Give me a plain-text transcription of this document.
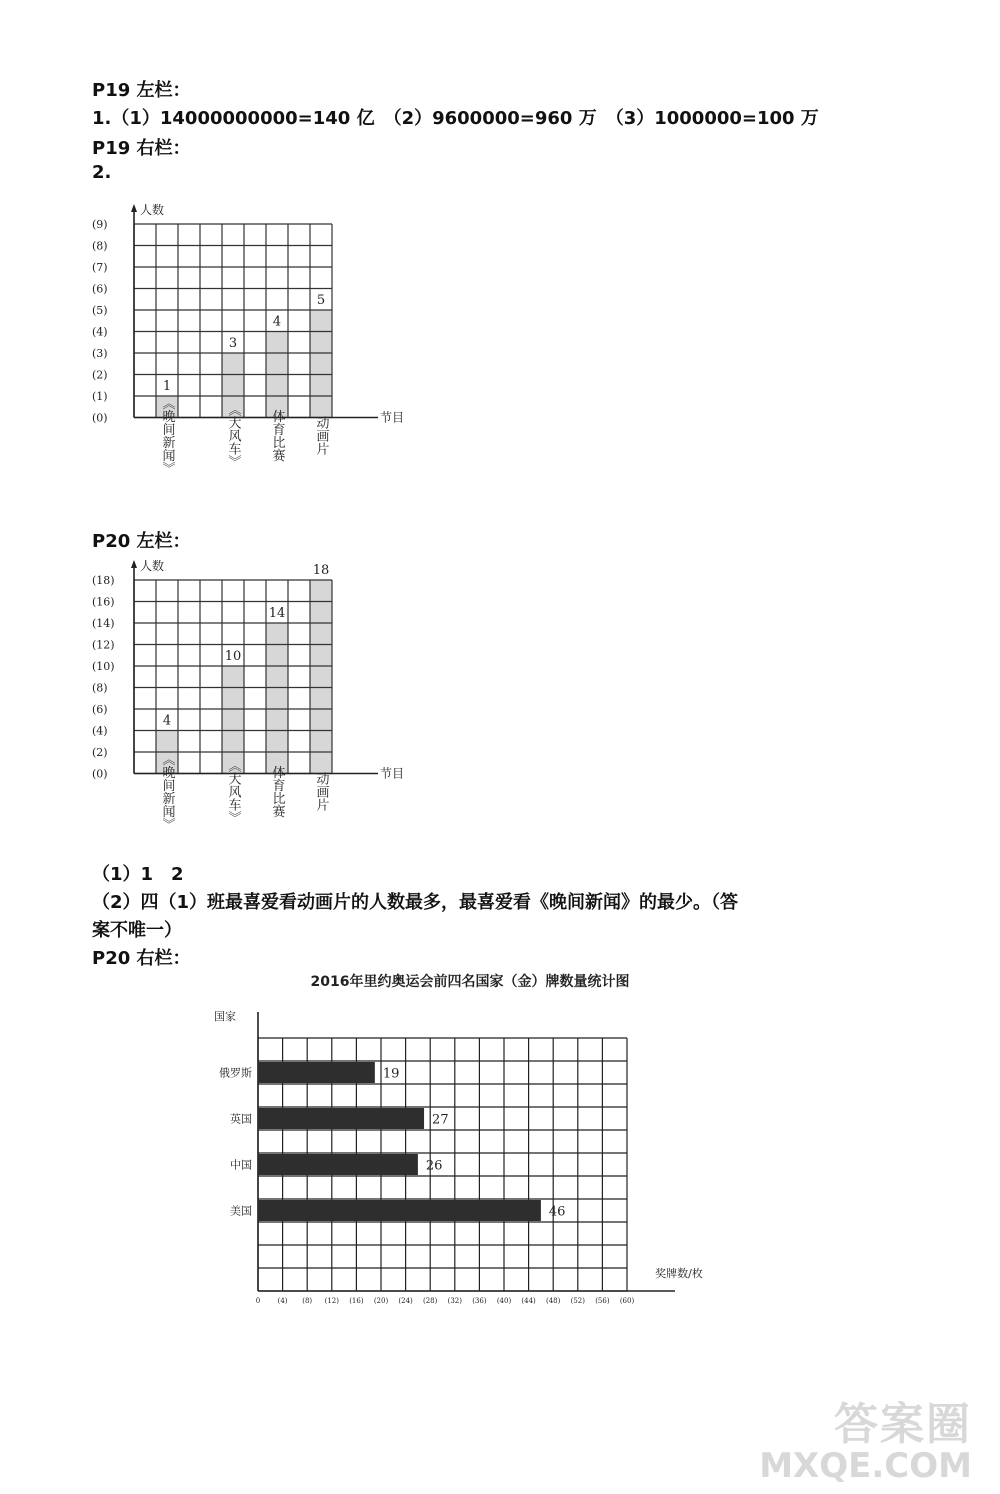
P19 左栏：
1.（1）14000000000=140 亿　（2）9600000=960 万　（3）1000000=100 万
P19 右栏：
2.
人数
节目
(9)
(8)
(7)
(6)
(5)
(4)
(3)
(2)
(1)
(0)
1
3
4
5
《晚间新闻》	《大风车》 体育比赛 动画片
P20 左栏：
人数
节目
(18)
(16)
(14)
(12)
(10)
(8)
(6)
(4)
(2)
(0)
4
10
14
18
《晚间新闻》	《大风车》 体育比赛 动画片
（1）1　2
（2）四（1）班最喜爱看动画片的人数最多，最喜爱看《晚间新闻》的最少。（答
案不唯一）
P20 右栏：
2016年里约奥运会前四名国家（金）牌数量统计图
国家
俄罗斯	19
英国	27
中国	26
美国	46
0 (4) (8) (12) (16) (20) (24) (28) (32) (36) (40) (44) (48) (52) (56) (60)
奖牌数/枚
答案圈
MXQE.COM
